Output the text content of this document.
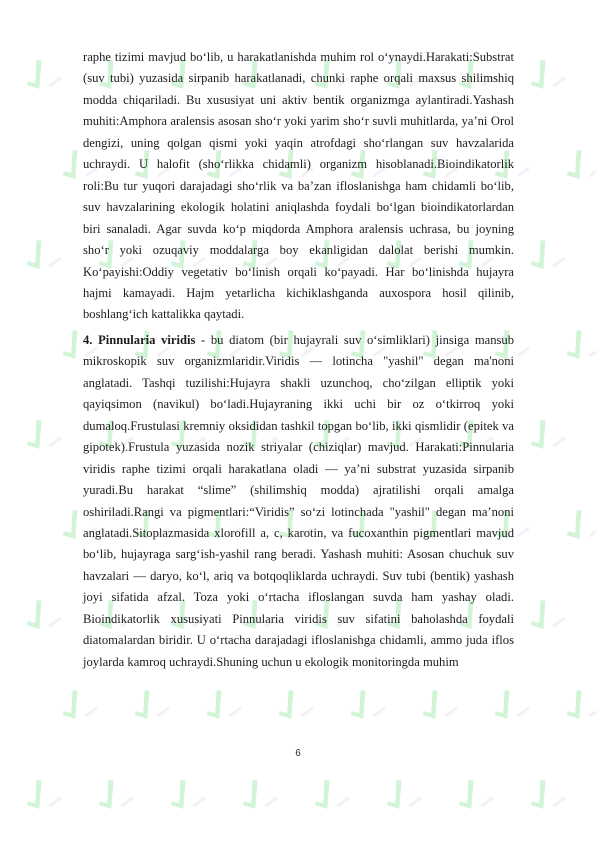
raphe tizimi mavjud bo‘lib, u harakatlanishda muhim rol o‘ynaydi.Harakati:Substrat (suv tubi) yuzasida sirpanib harakatlanadi, chunki raphe orqali maxsus shilimshiq modda chiqariladi. Bu xususiyat uni aktiv bentik organizmga aylantiradi.Yashash muhiti:Amphora aralensis asosan sho‘r yoki yarim sho‘r suvli muhitlarda, ya’ni Orol dengizi, uning qolgan qismi yoki yaqin atrofdagi sho‘rlangan suv havzalarida uchraydi. U halofit (sho‘rlikka chidamli) organizm hisoblanadi.Bioindikatorlik roli:Bu tur yuqori darajadagi sho‘rlik va ba’zan ifloslanishga ham chidamli bo‘lib, suv havzalarining ekologik holatini aniqlashda foydali bo‘lgan bioindikatorlardan biri sanaladi. Agar suvda ko‘p miqdorda Amphora aralensis uchrasa, bu joyning sho‘r yoki ozuqaviy moddalarga boy ekanligidan dalolat berishi mumkin. Ko‘payishi:Oddiy vegetativ bo‘linish orqali ko‘payadi. Har bo‘linishda hujayra hajmi kamayadi. Hajm yetarlicha kichiklashganda auxospora hosil qilinib, boshlang‘ich kattalikka qaytadi.

4. Pinnularia viridis - bu diatom (bir hujayrali suv o‘simliklari) jinsiga mansub mikroskopik suv organizmlaridir.Viridis — lotincha "yashil" degan ma'noni anglatadi. Tashqi tuzilishi:Hujayra shakli uzunchoq, cho‘zilgan elliptik yoki qayiqsimon (navikul) bo‘ladi.Hujayraning ikki uchi bir oz o‘tkirroq yoki dumaloq.Frustulasi kremniy oksididan tashkil topgan bo‘lib, ikki qismlidir (epitek va gipotek).Frustula yuzasida nozik striyalar (chiziqlar) mavjud. Harakati:Pinnularia viridis raphe tizimi orqali harakatlana oladi — ya’ni substrat yuzasida sirpanib yuradi.Bu harakat “slime” (shilimshiq modda) ajratilishi orqali amalga oshiriladi.Rangi va pigmentlari:“Viridis” so‘zi lotinchada "yashil" degan ma’noni anglatadi.Sitoplazmasida xlorofill a, c, karotin, va fucoxanthin pigmentlari mavjud bo‘lib, hujayraga sarg‘ish-yashil rang beradi. Yashash muhiti: Asosan chuchuk suv havzalari — daryo, ko‘l, ariq va botqoqliklarda uchraydi. Suv tubi (bentik) yashash joyi sifatida afzal. Toza yoki o‘rtacha ifloslangan suvda ham yashay oladi. Bioindikatorlik xususiyati Pinnularia viridis suv sifatini baholashda foydali diatomalardan biridir. U o‘rtacha darajadagi ifloslanishga chidamli, ammo juda iflos joylarda kamroq uchraydi.Shuning uchun u ekologik monitoringda muhim

6
